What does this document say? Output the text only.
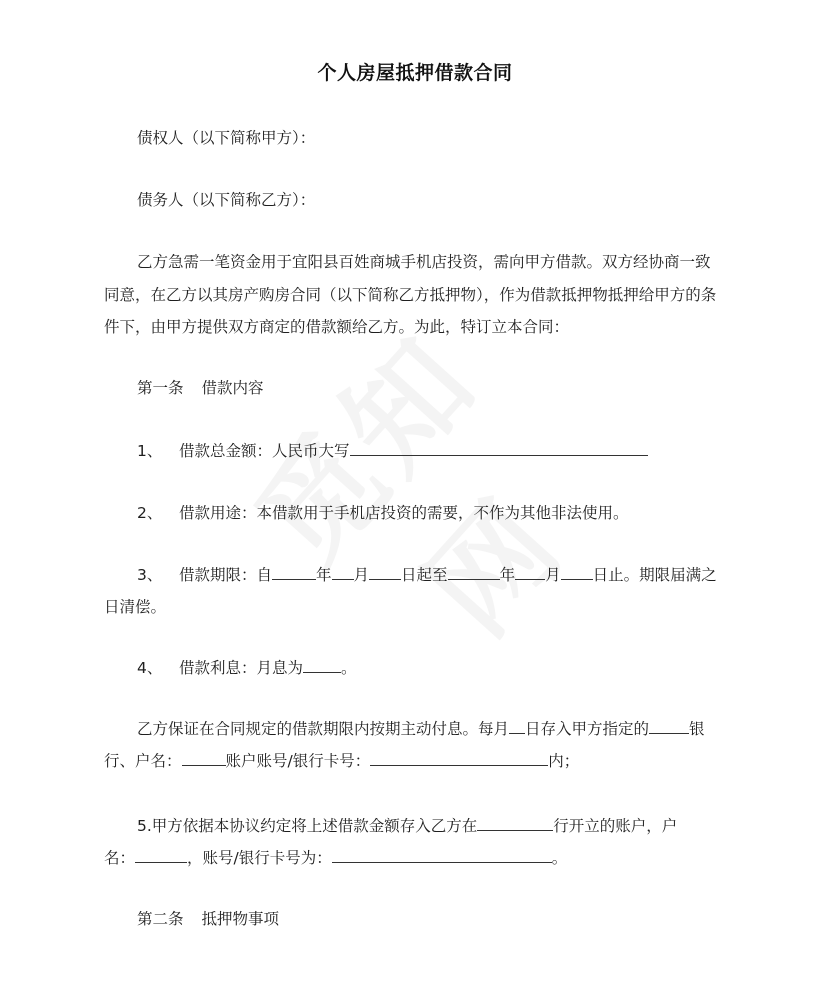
个人房屋抵押借款合同
债权人（以下简称甲方）：
债务人（以下简称乙方）：
乙方急需一笔资金用于宜阳县百姓商城手机店投资，需向甲方借款。双方经协商一致
同意，在乙方以其房产购房合同（以下简称乙方抵押物），作为借款抵押物抵押给甲方的条
件下，由甲方提供双方商定的借款额给乙方。为此，特订立本合同：
第一条 借款内容
1、 借款总金额：人民币大写
2、 借款用途：本借款用于手机店投资的需要，不作为其他非法使用。
3、 借款期限：自	年 月 日起至	年 月 日止。期限届满之
日清偿。
4、 借款利息：月息为 。
乙方保证在合同规定的借款期限内按期主动付息。每月 日存入甲方指定的	银
行、户名：	账户账号/银行卡号：	内；
5.甲方依据本协议约定将上述借款金额存入乙方在	行开立的账户，户
名：	，账号/银行卡号为：	。
第二条 抵押物事项
